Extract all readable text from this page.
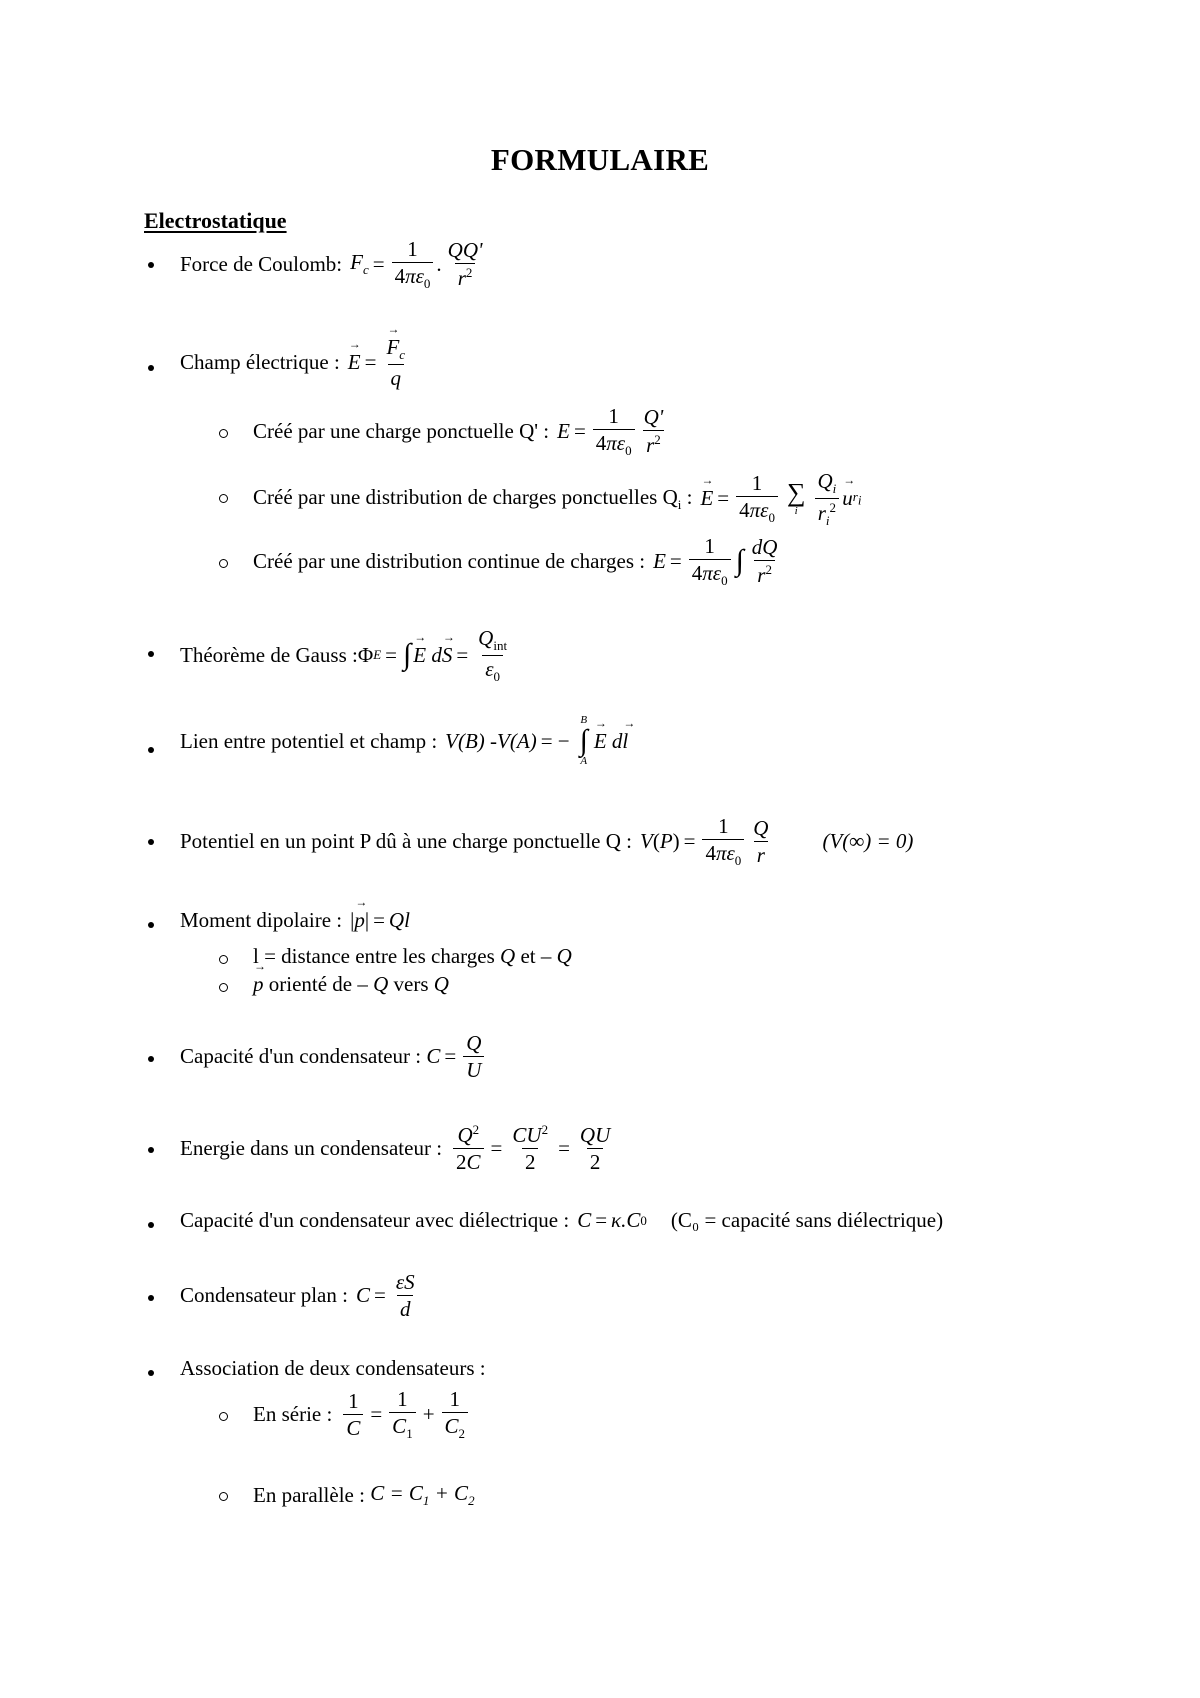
FORMULAIRE
Electrostatique
Force de Coulomb: $F_c = \frac{1}{4\pi\varepsilon_0}$ . $\frac{QQ'}{r^2}$
Champ électrique :
→ E =
→ $\frac{F_c}{q}$
Créé par une charge ponctuelle Q' : $E = \frac{1}{4\pi\varepsilon_0} \frac{Q'}{r^2}$
Créé par une distribution de charges ponctuelles $Q_i$ :
→ $E = \frac{1}{4\pi\varepsilon_0}$ ∑
i $\frac{Q_i}{r_i^2}$
→ u $r_i$
Créé par une distribution continue de charges : $E = \frac{1}{4\pi\varepsilon_0}$ ∫ $\frac{dQ}{r^2}$
Théorème de Gauss : Φ E = ∫
→ E d
→ $S = \frac{Q_{int}}{\varepsilon_0}$
Lien entre potentiel et champ : V(B) -V(A) = −
B
∫
A
→ E d
→ l
Potentiel en un point P dû à une charge ponctuelle Q : V ( P ) = $\frac{1}{4\pi\varepsilon_0} \frac{Q}{r} (V(\infty) = 0)$
Moment dipolaire : |
→ p | = Ql
l = distance entre les charges
Q
et
– Q
→ p
orienté de
– Q
vers
Q
Capacité d'un condensateur : $C = \frac{Q}{U}$
Energie dans un condensateur : $\frac{Q^2}{2C} = \frac{CU^2}{2} = \frac{QU}{2}$
Capacité d'un condensateur avec diélectrique : C = κ.C 0 (C₀ = capacité sans diélectrique)
Condensateur plan : $C = \frac{\varepsilon S}{d}$
Association de deux condensateurs :
En série : $\frac{1}{C} = \frac{1}{C_1} + \frac{1}{C_2}$
En parallèle : $C = C_1 + C_2$
